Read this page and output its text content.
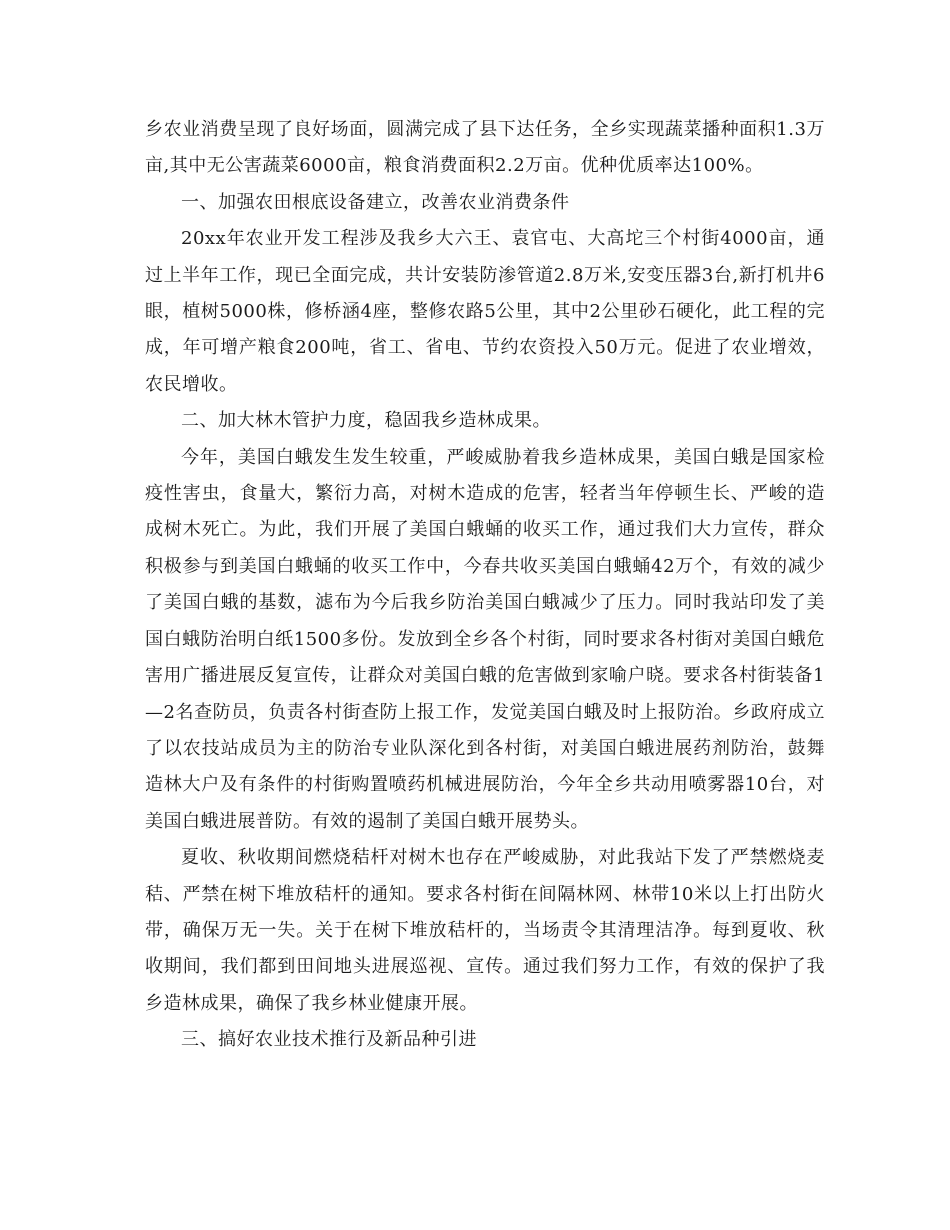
乡农业消费呈现了良好场面，圆满完成了县下达任务，全乡实现蔬菜播种面积1.3万亩,其中无公害蔬菜6000亩，粮食消费面积2.2万亩。优种优质率达100%。

一、加强农田根底设备建立，改善农业消费条件

20xx年农业开发工程涉及我乡大六王、袁官屯、大高坨三个村街4000亩，通过上半年工作，现已全面完成，共计安装防渗管道2.8万米,安变压器3台,新打机井6眼，植树5000株，修桥涵4座，整修农路5公里，其中2公里砂石硬化，此工程的完成，年可增产粮食200吨，省工、省电、节约农资投入50万元。促进了农业增效，农民增收。

二、加大林木管护力度，稳固我乡造林成果。

今年，美国白蛾发生发生较重，严峻威胁着我乡造林成果，美国白蛾是国家检疫性害虫，食量大，繁衍力高，对树木造成的危害，轻者当年停顿生长、严峻的造成树木死亡。为此，我们开展了美国白蛾蛹的收买工作，通过我们大力宣传，群众积极参与到美国白蛾蛹的收买工作中，今春共收买美国白蛾蛹42万个，有效的减少了美国白蛾的基数，滤布为今后我乡防治美国白蛾减少了压力。同时我站印发了美国白蛾防治明白纸1500多份。发放到全乡各个村街，同时要求各村街对美国白蛾危害用广播进展反复宣传，让群众对美国白蛾的危害做到家喻户晓。要求各村街装备1—2名查防员，负责各村街查防上报工作，发觉美国白蛾及时上报防治。乡政府成立了以农技站成员为主的防治专业队深化到各村街，对美国白蛾进展药剂防治，鼓舞造林大户及有条件的村街购置喷药机械进展防治，今年全乡共动用喷雾器10台，对美国白蛾进展普防。有效的遏制了美国白蛾开展势头。

夏收、秋收期间燃烧秸杆对树木也存在严峻威胁，对此我站下发了严禁燃烧麦秸、严禁在树下堆放秸杆的通知。要求各村街在间隔林网、林带10米以上打出防火带，确保万无一失。关于在树下堆放秸杆的，当场责令其清理洁净。每到夏收、秋收期间，我们都到田间地头进展巡视、宣传。通过我们努力工作，有效的保护了我乡造林成果，确保了我乡林业健康开展。

三、搞好农业技术推行及新品种引进
